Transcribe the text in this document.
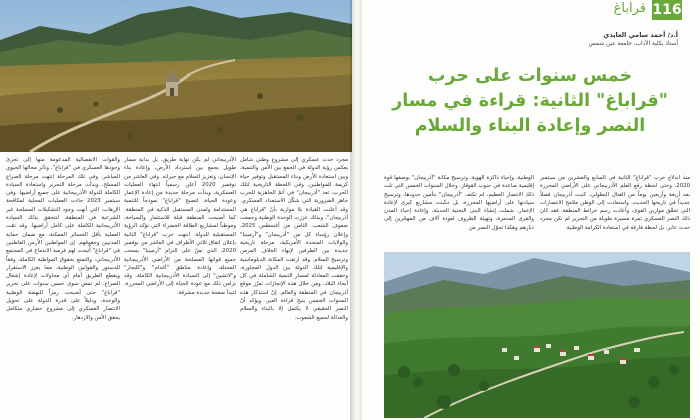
مجرد حدث عسكري إلى مشروع وطني شامل يعكس رؤية الدولة في الجمع بين الأمن والتنمية، وبين استعادة الأرض وبناء المستقبل وتوفير حياة كريمة للمواطنين. وفي اللحظة التاريخية لتلك الحرب، تعد "أذربيجان" في أتمّ الجاهزية للحرب جاهز الضرورية التي شكّل الاستعداد العسكري. وقد أعلنت القيادة بلا مواربة بأنّ "قراباغ هي أذربيجان"، وبذلك عززت الوحدة الوطنية وجمعت صفوف الشعب. الثامن من أغسطس 2025، وإعلان رؤساء كل من "أذربيجان" و"أرمينيا" والولايات المتحدة الأمريكية، مرحلة تاريخية جديدة بين الطرفين لإنهاء الخلاف المزمن وترسيخ السلام. وقد ارتقت المكانة الدبلوماسية والإقليمية لتلك الدولة بين الدول المجاورة، وحققت المعادلة لمسار التنمية الشاملة في كل أنحاء البلاد، ومن خلال هذه الإنجازات تعزّز موقع أذربيجان في المنطقة والعالم. إنّ استذكار هذه السنوات الخمس يتيح قراءة العبر، ويؤكد أنّ النصر الحقيقي لا يكتمل إلا بالبناء والسلام والعدالة لجميع الشعوب.

الأذربيجاني لم يكن نهاية طريق، بل بداية مسار طويل يجمع بين استرداد الأرض، وإعادة بناء الإنسان، وتعزيز السلام مع جيرانه. وفي العاشر من نوفمبر 2020 أعلن رسمياً انتهاء العمليات العسكرية، وبدأت مرحلة جديدة من إعادة الإعمار وعودة الحياة، لتصبح "قراباغ" نموذجاً للتنمية المستدامة ولمدن المستقبل الذكية في المنطقة. كما أصبحت المنطقة قبلة للاستثمار والسياحة، وموطناً لمشاريع الطاقة الخضراء التي تؤكد الرؤية المستقبلية للدولة. انتهت حرب "قراباغ" الثانية بإعلان اتفاق ثلاثي الأطراف في العاشر من نوفمبر 2020، الذي نصّ على التزام "أرمينيا" بسحب جميع قواتها المسلحة من الأراضي الأذربيجانية المحتلة، وإعادة مناطق "أغدام" و"كلبجار" و"لاتشين" إلى السيادة الأذربيجانية الكاملة. وقد تزامن ذلك مع عودة الحياة إلى الأراضي المحررة، لتبدأ صفحة جديدة مشرقة.

والقوات الانفصالية المدعومة منها إلى تجزئ وجودها العسكري في "قراباغ"، وتأثر مجالها الحيوي المباشر. وفي تلك المرحلة انتهت مرحلة الصراع المسلح، وبدأت مرحلة التحرير واستعادة السيادة الكاملة للدولة الأذربيجانية على جميع أراضيها. وفي سبتمبر 2023 جاءت العمليات المحلية لمكافحة الإرهاب، التي أنهت وجود التشكيلات المسلحة غير الشرعية في المنطقة، لتتحقق بذلك السيادة الأذربيجانية الكاملة على كامل أراضيها. وقد تمّت العملية بأقل الخسائر الممكنة، مع ضمان حماية المدنيين وحقوقهم. إن المواطنين الأرمن القاطنين في "قراباغ" أُتيحت لهم فرصة الاندماج في المجتمع الأذربيجاني، والتمتع بحقوق المواطنة الكاملة، وفقاً للدستور والقوانين الوطنية، مما يعزز الاستقرار ويقطع الطريق أمام أي محاولات لإعادة إشعال الصراع. لم تمضِ سوى خمس سنوات على تحرير "قراباغ" حتى أصبحت رمزاً للنهضة الوطنية والوحدة، ودليلاً على قدرة الدولة على تحويل الانتصار العسكري إلى مشروع حضاري متكامل يحقق الأمن والازدهار.

116
قراباغ
أ.د/ أحمد سامي العايدي
أستاذ بكلية الآداب، جامعة عين شمس
خمس سنوات على حرب
"قراباغ" الثانية: قراءة في مسار
النصر وإعادة البناء والسلام

منذ اندلاع حرب "قراباغ" الثانية في السابع والعشرين من سبتمبر 2020، وحتى لحظة رفع العلم الأذربيجاني على الأراضي المحررة بعد أربعة وأربعين يوماً من القتال البطولي، كتبت أذربيجان فصلاً جديداً في تاريخها الحديث، واستعادت إلى الوطن ملامح الانتصارات التي تحقّق موازين القوى، وأعادت رسم خرائط المنطقة. فقد كان ذلك النصر العسكري ثمرة مسيرة طويلة من التحرير لم تكن مجرد حدث عابر، بل لحظة فارقة في استعادة الكرامة الوطنية.

الوطنية، وإحياء ذاكرة الهوية، وترسيخ مكانة "أذربيجان" بوصفها قوة إقليمية صاعدة في جنوب القوقاز. وخلال السنوات الخمس التي تلت ذلك الانتصار العظيم، لم تكتف "أذربيجان" بتأمين حدودها، وترسيخ سيادتها على أراضيها المحررة، بل دشّنت مشاريع كبرى لإعادة الإعمار، شملت إنشاء البنى التحتية الحديثة، وإعادة إحياء المدن والقرى المدمرة، وتهيئة الظروف لعودة آلاف من المهجّرين إلى ديارهم وهكذا تحوّل النصر من
